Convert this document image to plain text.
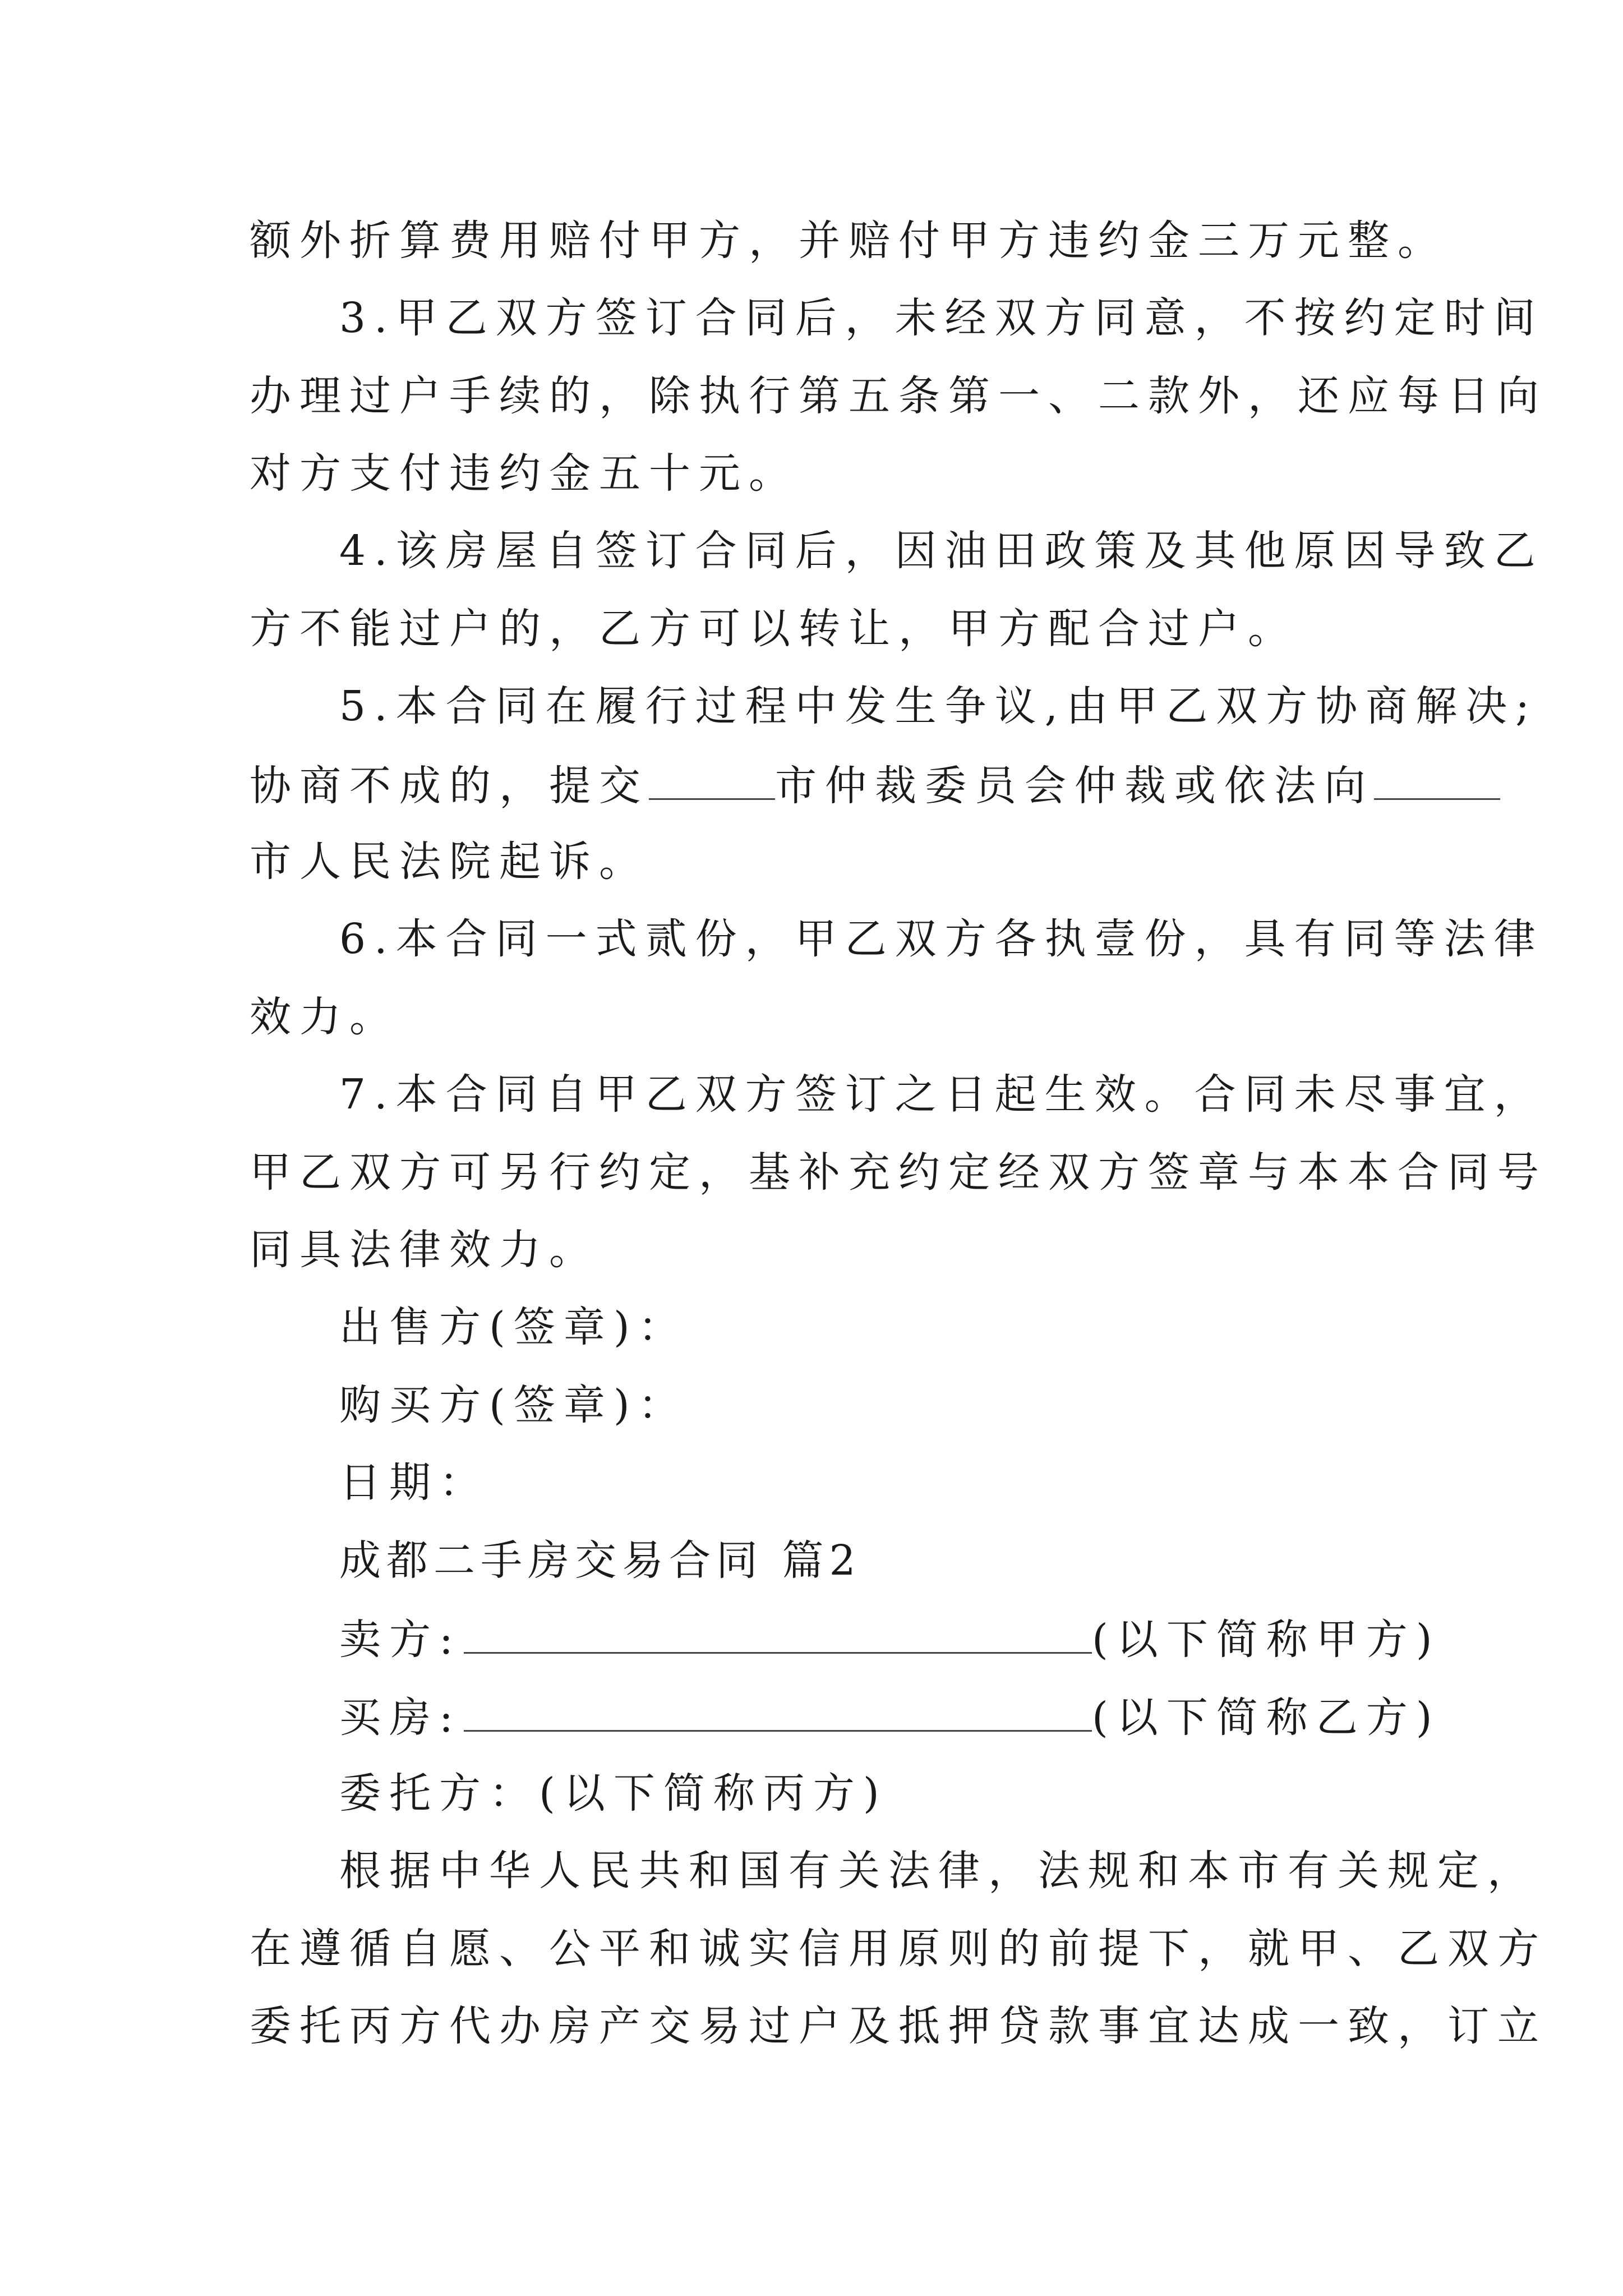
额外折算费用赔付甲方，并赔付甲方违约金三万元整。
3.甲乙双方签订合同后，未经双方同意，不按约定时间
办理过户手续的，除执行第五条第一、二款外，还应每日向
对方支付违约金五十元。
4.该房屋自签订合同后，因油田政策及其他原因导致乙
方不能过户的，乙方可以转让，甲方配合过户。
5.本合同在履行过程中发生争议,由甲乙双方协商解决;
协商不成的，提交	市仲裁委员会仲裁或依法向
市人民法院起诉。
6.本合同一式贰份，甲乙双方各执壹份，具有同等法律
效力。
7.本合同自甲乙双方签订之日起生效。合同未尽事宜，
甲乙双方可另行约定，基补充约定经双方签章与本本合同号
同具法律效力。
出售方(签章)：
购买方(签章)：
日期：
成都二手房交易合同 篇2
卖方:	(以下简称甲方)
买房:	(以下简称乙方)
委托方：(以下简称丙方)
根据中华人民共和国有关法律，法规和本市有关规定，
在遵循自愿、公平和诚实信用原则的前提下，就甲、乙双方
委托丙方代办房产交易过户及抵押贷款事宜达成一致，订立
